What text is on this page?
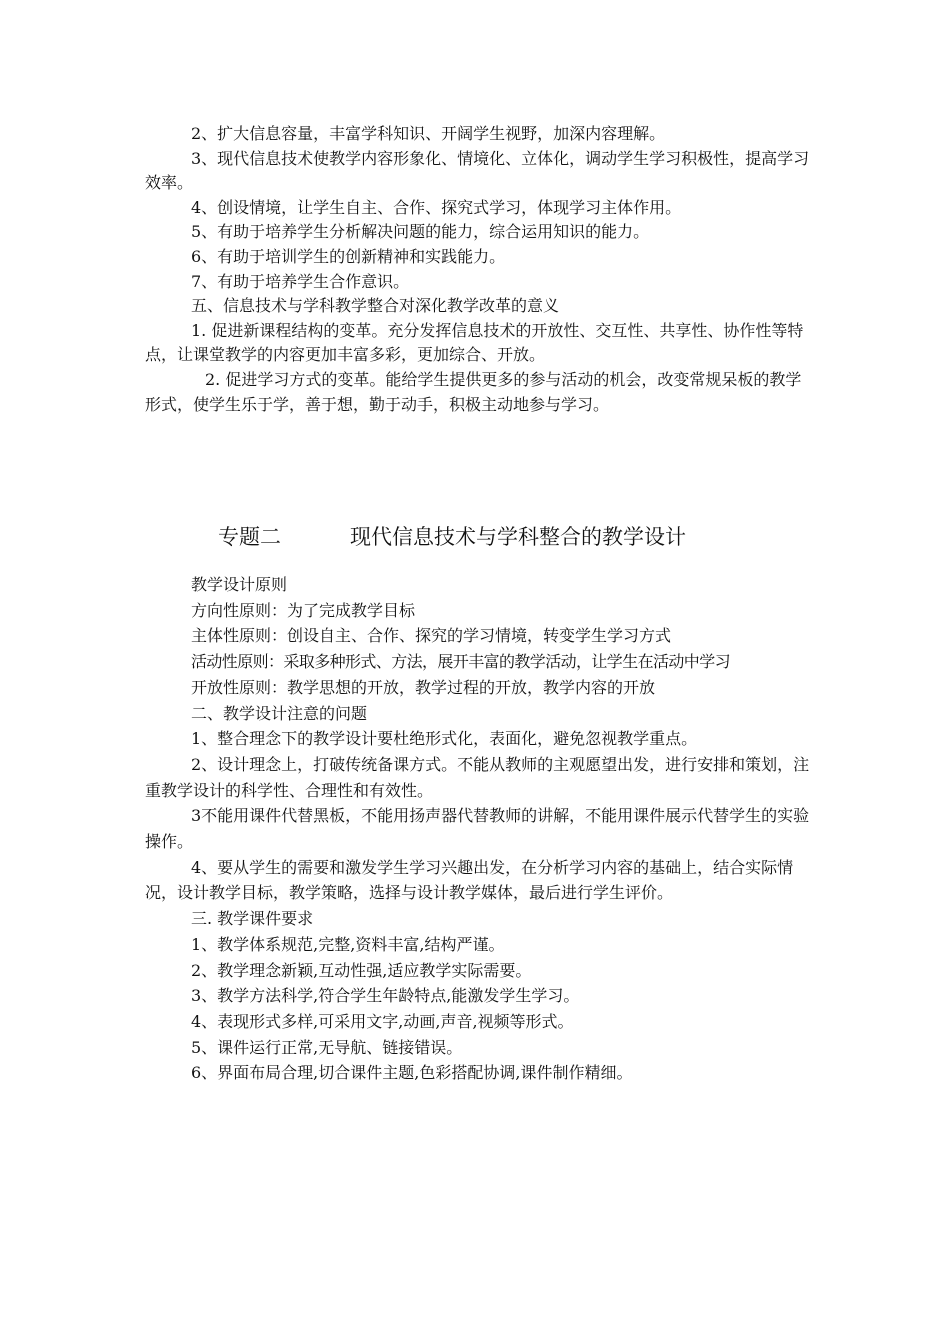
2、扩大信息容量，丰富学科知识、开阔学生视野，加深内容理解。

3、现代信息技术使教学内容形象化、情境化、立体化，调动学生学习积极性，提高学习效率。

4、创设情境，让学生自主、合作、探究式学习，体现学习主体作用。

5、有助于培养学生分析解决问题的能力，综合运用知识的能力。

6、有助于培训学生的创新精神和实践能力。

7、有助于培养学生合作意识。

五、信息技术与学科教学整合对深化教学改革的意义

1. 促进新课程结构的变革。充分发挥信息技术的开放性、交互性、共享性、协作性等特点，让课堂教学的内容更加丰富多彩，更加综合、开放。

2. 促进学习方式的变革。能给学生提供更多的参与活动的机会，改变常规呆板的教学形式，使学生乐于学，善于想，勤于动手，积极主动地参与学习。

专题二	现代信息技术与学科整合的教学设计

教学设计原则

方向性原则：为了完成教学目标

主体性原则：创设自主、合作、探究的学习情境，转变学生学习方式

活动性原则：采取多种形式、方法，展开丰富的教学活动，让学生在活动中学习

开放性原则：教学思想的开放，教学过程的开放，教学内容的开放

二、教学设计注意的问题

1、整合理念下的教学设计要杜绝形式化，表面化，避免忽视教学重点。

2、设计理念上，打破传统备课方式。不能从教师的主观愿望出发，进行安排和策划，注重教学设计的科学性、合理性和有效性。

3不能用课件代替黑板，不能用扬声器代替教师的讲解，不能用课件展示代替学生的实验操作。

4、要从学生的需要和激发学生学习兴趣出发，在分析学习内容的基础上，结合实际情况，设计教学目标，教学策略，选择与设计教学媒体，最后进行学生评价。

三. 教学课件要求

1、教学体系规范,完整,资料丰富,结构严谨。

2、教学理念新颖,互动性强,适应教学实际需要。

3、教学方法科学,符合学生年龄特点,能激发学生学习。

4、表现形式多样,可采用文字,动画,声音,视频等形式。

5、课件运行正常,无导航、链接错误。

6、界面布局合理,切合课件主题,色彩搭配协调,课件制作精细。
